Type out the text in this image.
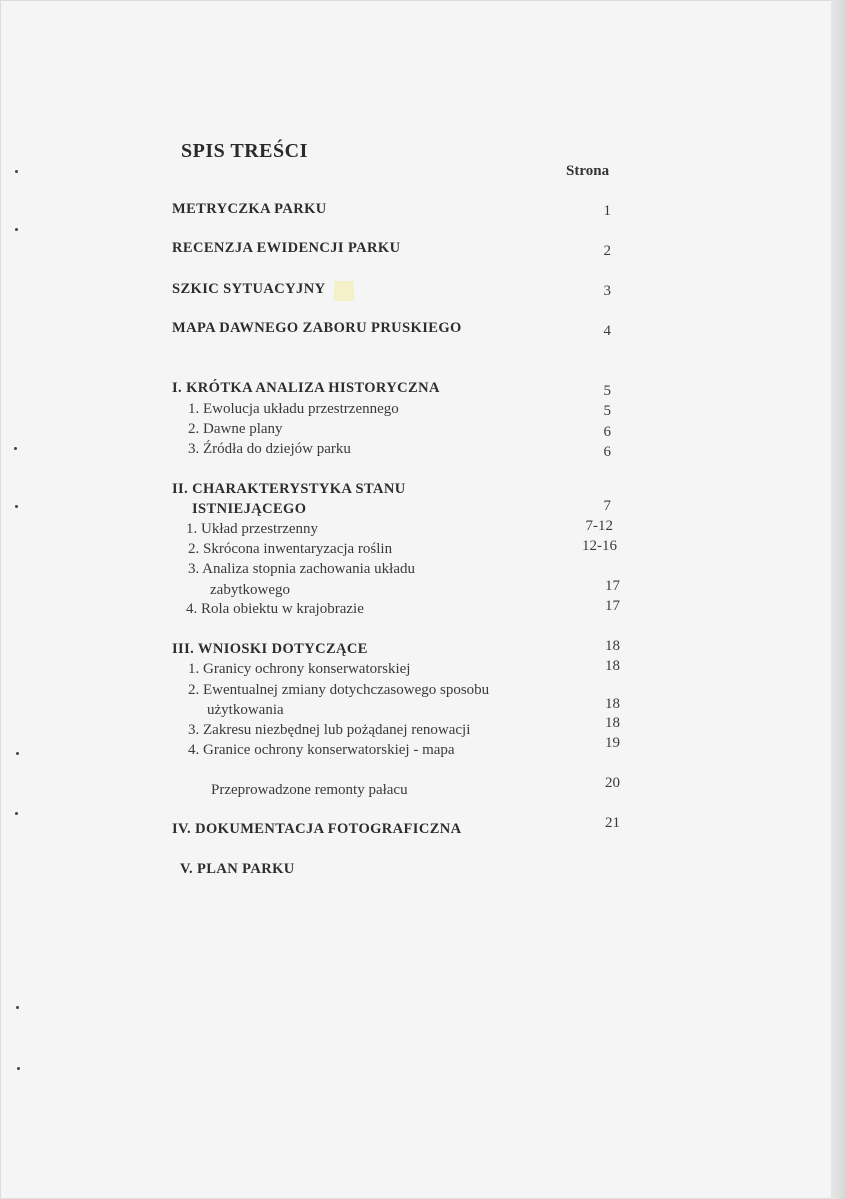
SPIS TREŚCI
Strona
METRYCZKA PARKU	1
RECENZJA EWIDENCJI PARKU	2
SZKIC SYTUACYJNY	3
MAPA DAWNEGO ZABORU PRUSKIEGO	4
I. KRÓTKA ANALIZA HISTORYCZNA	5
1. Ewolucja układu przestrzennego	5
2. Dawne plany	6
3. Źródła do dziejów parku	6
II. CHARAKTERYSTYKA STANU
ISTNIEJĄCEGO	7
1. Układ przestrzenny	7-12
2. Skrócona inwentaryzacja roślin	12-16
3. Analiza stopnia zachowania układu
zabytkowego	17
4. Rola obiektu w krajobrazie	17
III. WNIOSKI DOTYCZĄCE	18
1. Granicy ochrony konserwatorskiej	18
2. Ewentualnej zmiany dotychczasowego sposobu
użytkowania	18
3. Zakresu niezbędnej lub pożądanej renowacji	18
4. Granice ochrony konserwatorskiej - mapa	19
Przeprowadzone remonty pałacu	20
IV. DOKUMENTACJA FOTOGRAFICZNA	21
V. PLAN PARKU
